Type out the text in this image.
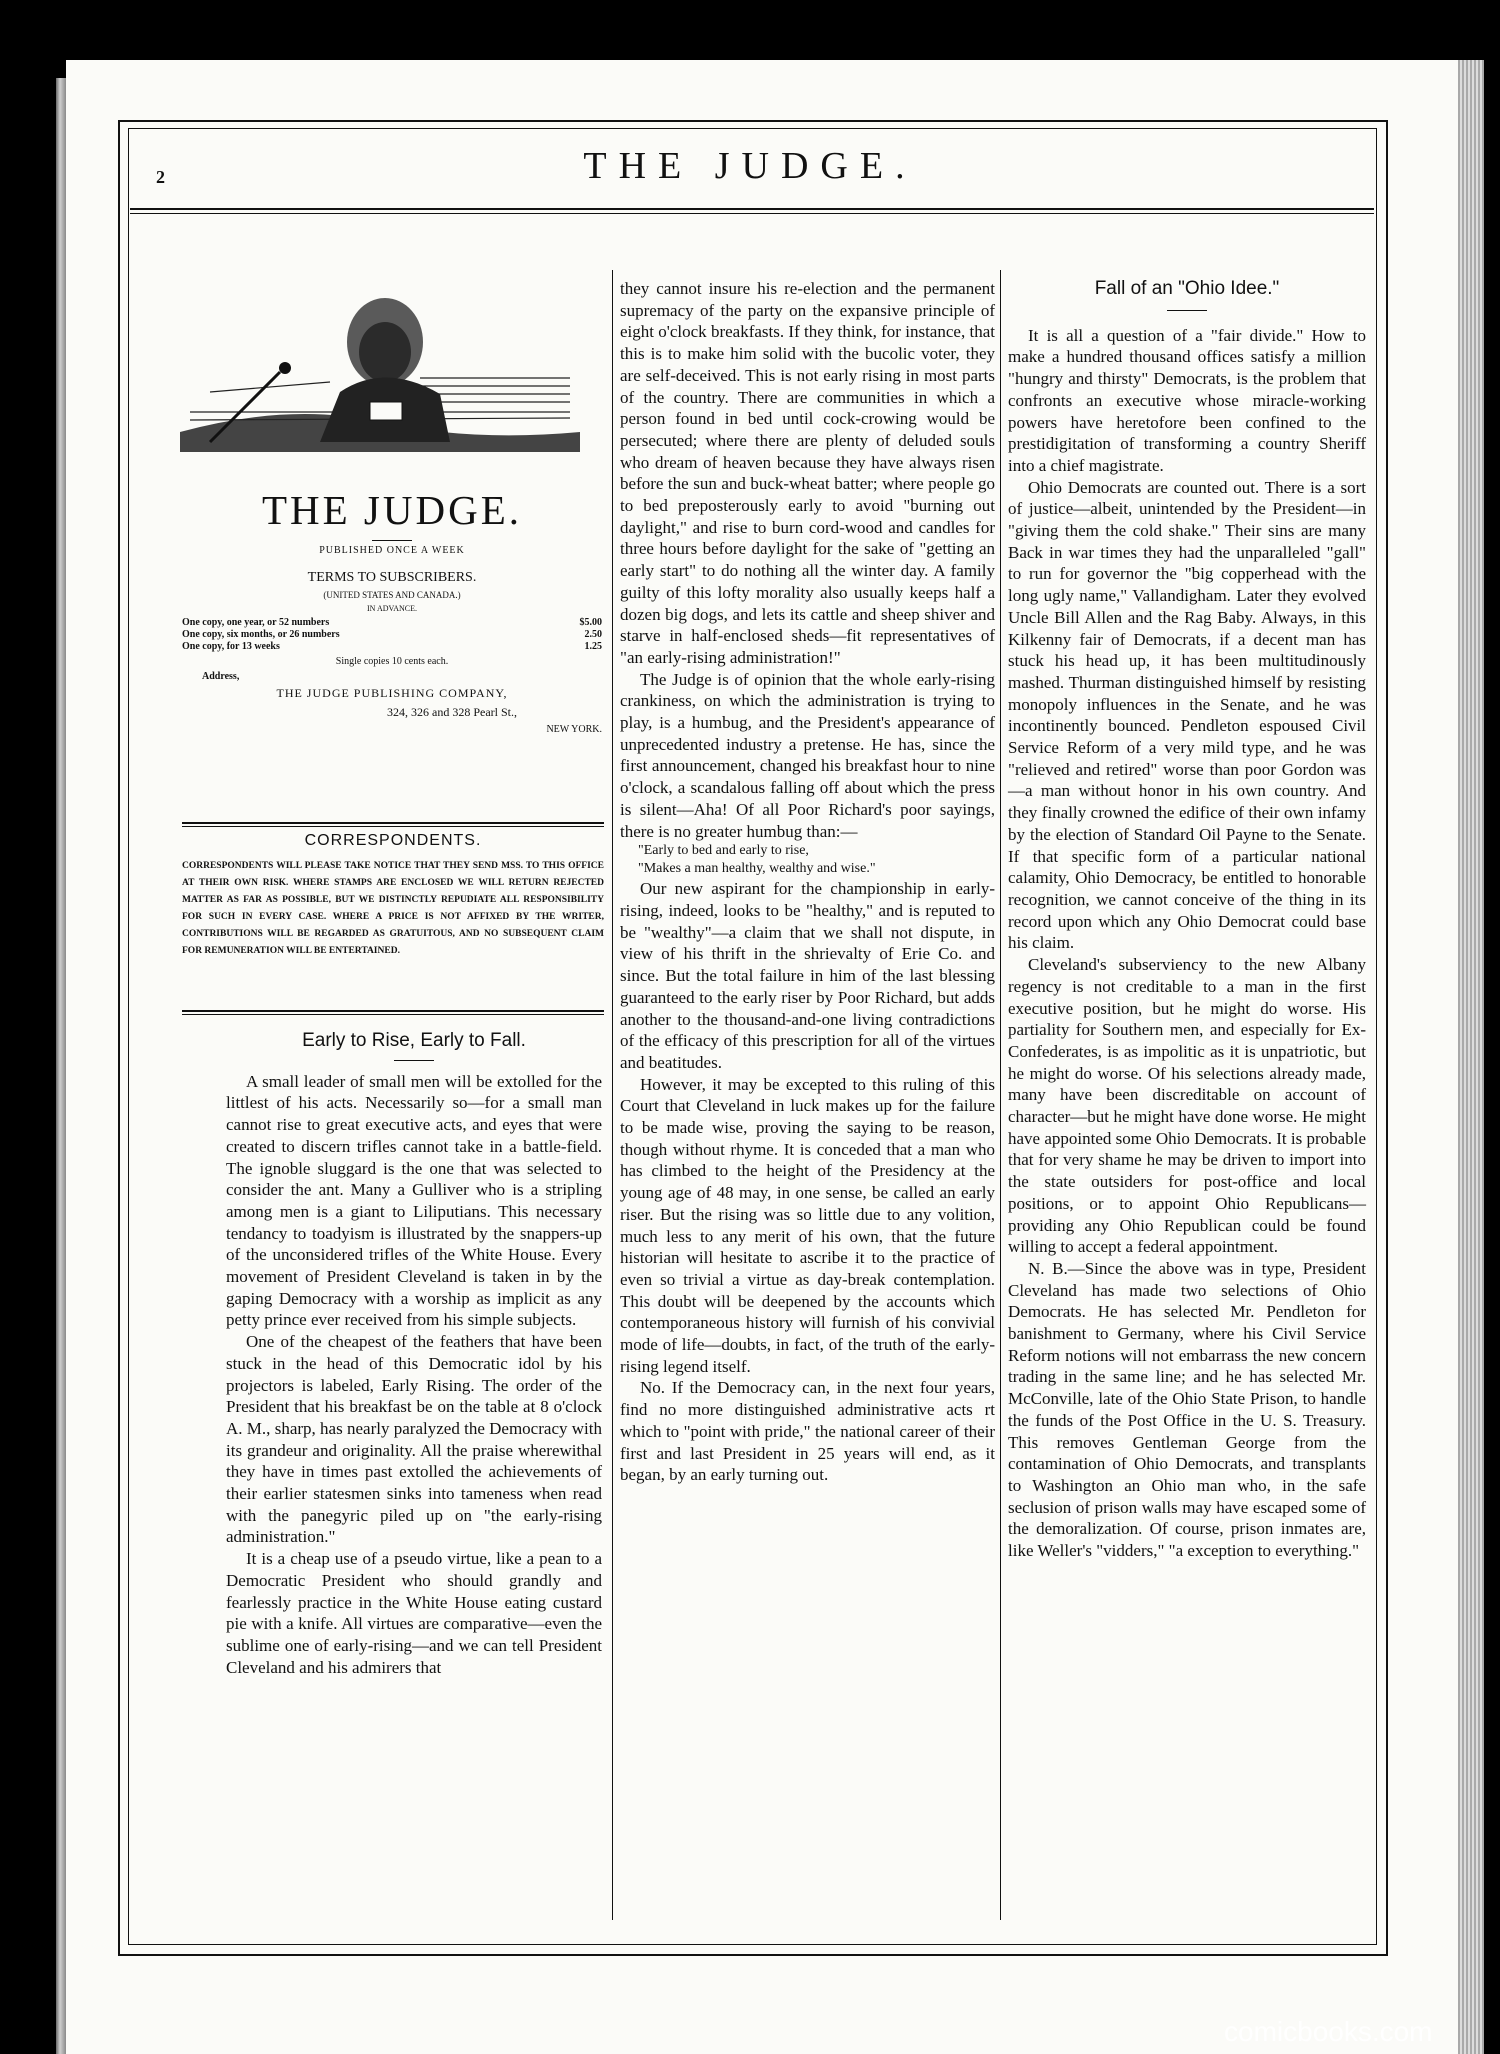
2	THE JUDGE.
THE JUDGE.
PUBLISHED ONCE A WEEK
TERMS TO SUBSCRIBERS.
(UNITED STATES AND CANADA.)
IN ADVANCE.
One copy, one year, or 52 numbers	$5.00
One copy, six months, or 26 numbers	2.50
One copy, for 13 weeks	1.25
Single copies 10 cents each.
Address,
THE JUDGE PUBLISHING COMPANY,
324, 326 and 328 Pearl St.,
NEW YORK.
CORRESPONDENTS.
CORRESPONDENTS WILL PLEASE TAKE NOTICE THAT THEY SEND MSS. TO THIS OFFICE AT THEIR OWN RISK. WHERE STAMPS ARE ENCLOSED WE WILL RETURN REJECTED MATTER AS FAR AS POSSIBLE, BUT WE DISTINCTLY REPUDIATE ALL RESPONSIBILITY FOR SUCH IN EVERY CASE. WHERE A PRICE IS NOT AFFIXED BY THE WRITER, CONTRIBUTIONS WILL BE REGARDED AS GRATUITOUS, AND NO SUBSEQUENT CLAIM FOR REMUNERATION WILL BE ENTERTAINED.
Early to Rise, Early to Fall.

A small leader of small men will be extolled for the littlest of his acts. Necessarily so—for a small man cannot rise to great executive acts, and eyes that were created to discern trifles cannot take in a battle-field. The ignoble sluggard is the one that was selected to consider the ant. Many a Gulliver who is a stripling among men is a giant to Liliputians. This necessary tendancy to toadyism is illustrated by the snappers-up of the unconsidered trifles of the White House. Every movement of President Cleveland is taken in by the gaping Democracy with a worship as implicit as any petty prince ever received from his simple subjects.

One of the cheapest of the feathers that have been stuck in the head of this Democratic idol by his projectors is labeled, Early Rising. The order of the President that his breakfast be on the table at 8 o'clock A. M., sharp, has nearly paralyzed the Democracy with its grandeur and originality. All the praise wherewithal they have in times past extolled the achievements of their earlier statesmen sinks into tameness when read with the panegyric piled up on "the early-rising administration."

It is a cheap use of a pseudo virtue, like a pean to a Democratic President who should grandly and fearlessly practice in the White House eating custard pie with a knife. All virtues are comparative—even the sublime one of early-rising—and we can tell President Cleveland and his admirers that

they cannot insure his re-election and the permanent supremacy of the party on the expansive principle of eight o'clock breakfasts. If they think, for instance, that this is to make him solid with the bucolic voter, they are self-deceived. This is not early rising in most parts of the country. There are communities in which a person found in bed until cock-crowing would be persecuted; where there are plenty of deluded souls who dream of heaven because they have always risen before the sun and buck-wheat batter; where people go to bed preposterously early to avoid "burning out daylight," and rise to burn cord-wood and candles for three hours before daylight for the sake of "getting an early start" to do nothing all the winter day. A family guilty of this lofty morality also usually keeps half a dozen big dogs, and lets its cattle and sheep shiver and starve in half-enclosed sheds—fit representatives of "an early-rising administration!"

The Judge is of opinion that the whole early-rising crankiness, on which the administration is trying to play, is a humbug, and the President's appearance of unprecedented industry a pretense. He has, since the first announcement, changed his breakfast hour to nine o'clock, a scandalous falling off about which the press is silent—Aha! Of all Poor Richard's poor sayings, there is no greater humbug than:—

"Early to bed and early to rise,
"Makes a man healthy, wealthy and wise."

Our new aspirant for the championship in early-rising, indeed, looks to be "healthy," and is reputed to be "wealthy"—a claim that we shall not dispute, in view of his thrift in the shrievalty of Erie Co. and since. But the total failure in him of the last blessing guaranteed to the early riser by Poor Richard, but adds another to the thousand-and-one living contradictions of the efficacy of this prescription for all of the virtues and beatitudes.

However, it may be excepted to this ruling of this Court that Cleveland in luck makes up for the failure to be made wise, proving the saying to be reason, though without rhyme. It is conceded that a man who has climbed to the height of the Presidency at the young age of 48 may, in one sense, be called an early riser. But the rising was so little due to any volition, much less to any merit of his own, that the future historian will hesitate to ascribe it to the practice of even so trivial a virtue as day-break contemplation. This doubt will be deepened by the accounts which contemporaneous history will furnish of his convivial mode of life—doubts, in fact, of the truth of the early-rising legend itself.

No. If the Democracy can, in the next four years, find no more distinguished administrative acts rt which to "point with pride," the national career of their first and last President in 25 years will end, as it began, by an early turning out.

Fall of an "Ohio Idee."

It is all a question of a "fair divide." How to make a hundred thousand offices satisfy a million "hungry and thirsty" Democrats, is the problem that confronts an executive whose miracle-working powers have heretofore been confined to the prestidigitation of transforming a country Sheriff into a chief magistrate.

Ohio Democrats are counted out. There is a sort of justice—albeit, unintended by the President—in "giving them the cold shake." Their sins are many Back in war times they had the unparalleled "gall" to run for governor the "big copperhead with the long ugly name," Vallandigham. Later they evolved Uncle Bill Allen and the Rag Baby. Always, in this Kilkenny fair of Democrats, if a decent man has stuck his head up, it has been multitudinously mashed. Thurman distinguished himself by resisting monopoly influences in the Senate, and he was incontinently bounced. Pendleton espoused Civil Service Reform of a very mild type, and he was "relieved and retired" worse than poor Gordon was—a man without honor in his own country. And they finally crowned the edifice of their own infamy by the election of Standard Oil Payne to the Senate. If that specific form of a particular national calamity, Ohio Democracy, be entitled to honorable recognition, we cannot conceive of the thing in its record upon which any Ohio Democrat could base his claim.

Cleveland's subserviency to the new Albany regency is not creditable to a man in the first executive position, but he might do worse. His partiality for Southern men, and especially for Ex-Confederates, is as impolitic as it is unpatriotic, but he might do worse. Of his selections already made, many have been discreditable on account of character—but he might have done worse. He might have appointed some Ohio Democrats. It is probable that for very shame he may be driven to import into the state outsiders for post-office and local positions, or to appoint Ohio Republicans—providing any Ohio Republican could be found willing to accept a federal appointment.

N. B.—Since the above was in type, President Cleveland has made two selections of Ohio Democrats. He has selected Mr. Pendleton for banishment to Germany, where his Civil Service Reform notions will not embarrass the new concern trading in the same line; and he has selected Mr. McConville, late of the Ohio State Prison, to handle the funds of the Post Office in the U. S. Treasury. This removes Gentleman George from the contamination of Ohio Democrats, and transplants to Washington an Ohio man who, in the safe seclusion of prison walls may have escaped some of the demoralization. Of course, prison inmates are, like Weller's "vidders," "a exception to everything."

comicbooks.com
